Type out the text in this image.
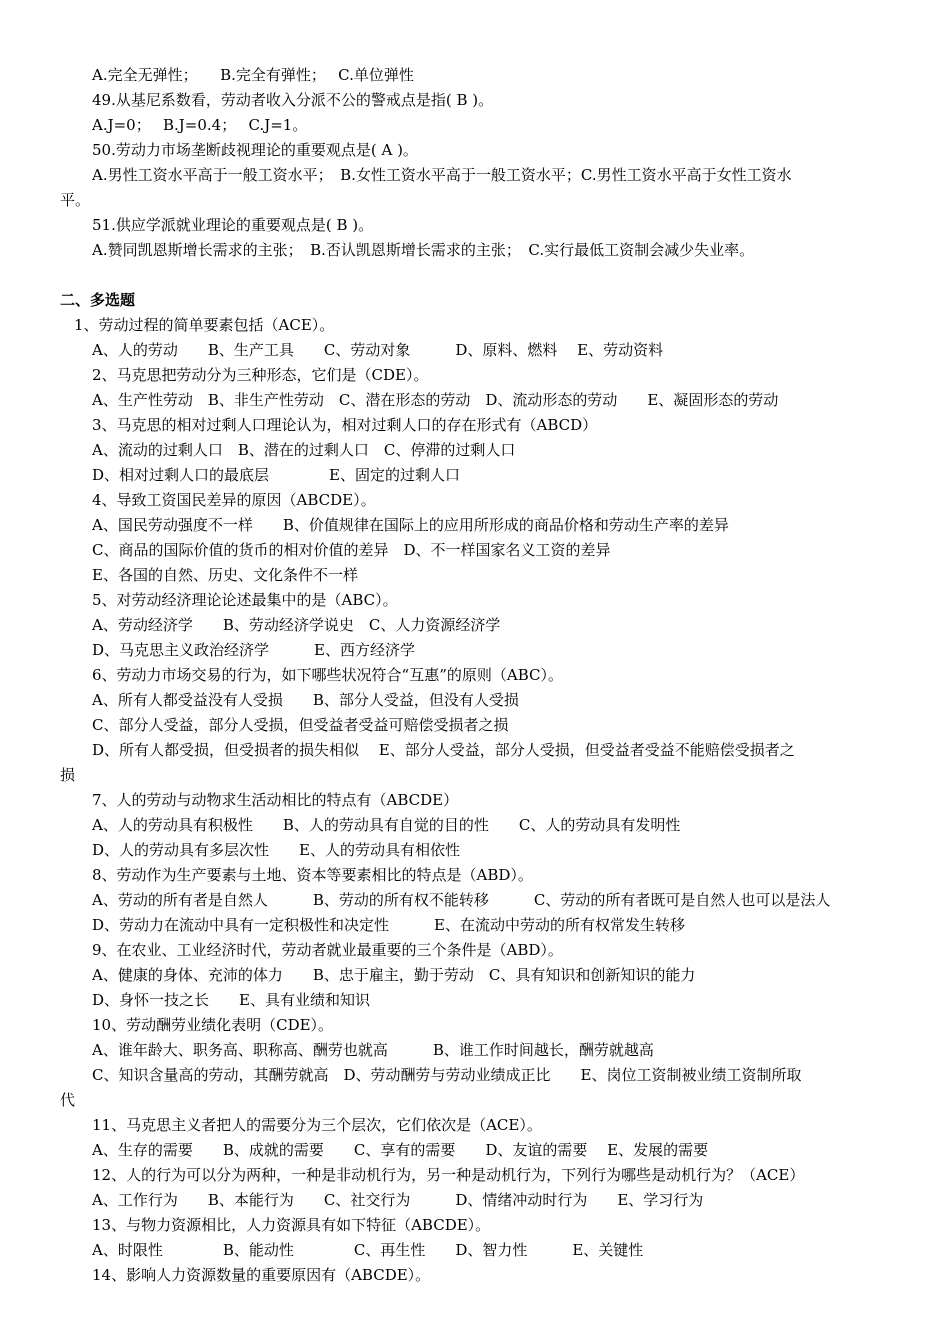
A.完全无弹性；　　B.完全有弹性；　 C.单位弹性
49.从基尼系数看，劳动者收入分派不公的警戒点是指( B )。
A.J=0；　 B.J=0.4；　 C.J=1。
50.劳动力市场垄断歧视理论的重要观点是( A )。
A.男性工资水平高于一般工资水平；　B.女性工资水平高于一般工资水平；C.男性工资水平高于女性工资水
平。
51.供应学派就业理论的重要观点是( B )。
A.赞同凯恩斯增长需求的主张；　B.否认凯恩斯增长需求的主张；　C.实行最低工资制会减少失业率。
二、多选题
1、劳动过程的简单要素包括（ACE）。
A、人的劳动　　B、生产工具　　C、劳动对象　　　D、原料、燃料　 E、劳动资料
2、马克思把劳动分为三种形态，它们是（CDE）。
A、生产性劳动　B、非生产性劳动　C、潜在形态的劳动　D、流动形态的劳动　　E、凝固形态的劳动
3、马克思的相对过剩人口理论认为，相对过剩人口的存在形式有（ABCD）
A、流动的过剩人口　B、潜在的过剩人口　C、停滞的过剩人口
D、相对过剩人口的最底层　　　　E、固定的过剩人口
4、导致工资国民差异的原因（ABCDE）。
A、国民劳动强度不一样　　B、价值规律在国际上的应用所形成的商品价格和劳动生产率的差异
C、商品的国际价值的货币的相对价值的差异　D、不一样国家名义工资的差异
E、各国的自然、历史、文化条件不一样
5、对劳动经济理论论述最集中的是（ABC）。
A、劳动经济学　　B、劳动经济学说史　C、人力资源经济学
D、马克思主义政治经济学　　　E、西方经济学
6、劳动力市场交易的行为，如下哪些状况符合“互惠”的原则（ABC）。
A、所有人都受益没有人受损　　B、部分人受益，但没有人受损
C、部分人受益，部分人受损，但受益者受益可赔偿受损者之损
D、所有人都受损，但受损者的损失相似　 E、部分人受益，部分人受损，但受益者受益不能赔偿受损者之
损
7、人的劳动与动物求生活动相比的特点有（ABCDE）
A、人的劳动具有积极性　　B、人的劳动具有自觉的目的性　　C、人的劳动具有发明性
D、人的劳动具有多层次性　　E、人的劳动具有相依性
8、劳动作为生产要素与土地、资本等要素相比的特点是（ABD）。
A、劳动的所有者是自然人　　　B、劳动的所有权不能转移　　　C、劳动的所有者既可是自然人也可以是法人
D、劳动力在流动中具有一定积极性和决定性　　　E、在流动中劳动的所有权常发生转移
9、在农业、工业经济时代，劳动者就业最重要的三个条件是（ABD）。
A、健康的身体、充沛的体力　　B、忠于雇主，勤于劳动　C、具有知识和创新知识的能力
D、身怀一技之长　　E、具有业绩和知识
10、劳动酬劳业绩化表明（CDE）。
A、谁年龄大、职务高、职称高、酬劳也就高　　　B、谁工作时间越长，酬劳就越高
C、知识含量高的劳动，其酬劳就高　D、劳动酬劳与劳动业绩成正比　　E、岗位工资制被业绩工资制所取
代
11、马克思主义者把人的需要分为三个层次，它们依次是（ACE）。
A、生存的需要　　B、成就的需要　　C、享有的需要　　D、友谊的需要　 E、发展的需要
12、人的行为可以分为两种，一种是非动机行为，另一种是动机行为，下列行为哪些是动机行为？（ACE）
A、工作行为　　B、本能行为　　C、社交行为　　　D、情绪冲动时行为　　E、学习行为
13、与物力资源相比，人力资源具有如下特征（ABCDE）。
A、时限性　　　　B、能动性　　　　C、再生性　　D、智力性　　　E、关键性
14、影响人力资源数量的重要原因有（ABCDE）。
